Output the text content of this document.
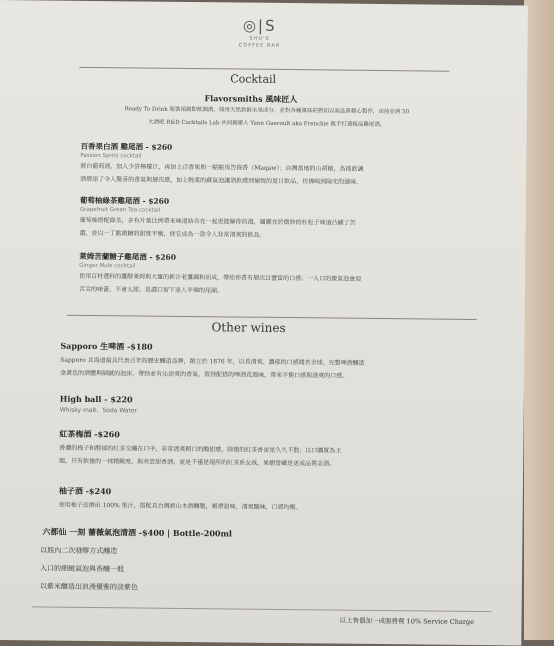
◎|S
SHU'S
COFFEE BAR
Cocktail
Flavorsmiths 風味匠人
Ready To Drink 瓶裝預調即飲調酒，採用天然新鮮水果成分，並對各種風味的熟知以高品質精心製作，由前亞洲 50
大酒吧 R&D Cocktails Lab 共同創辦人 Yann Gueroult aka Frenchie 親手打造精品雞尾酒。
百香果白酒 雞尾酒 - $260
Passion Spritz cocktail
將白葡萄酒，加入少許檸檬汁，再加上百香果與一點點馬告探香（Maqaw）；台灣當地的山胡椒，為搖飲調
酒增添了令人驚喜的香氣與層次感，加上輕柔的蘇氣泡讓酒飲感到愉悅的夏日飲品，彷彿喝到陽光的滋味。
葡萄柚綠茶雞尾酒 - $260
Grapefruit Green Tea cocktail
葡萄柚搭配綠茶，多有片葉比例帶來味道結合在一起更能解你的渴，關鍵在於微妙的杜松子味道凸顯了苦
澀，並以一丁點微糖的甜度平衡，使它成為一款令人非常清爽的飲品。
萊姆苦蘭糖子雞尾酒 - $260
Ginger Mule cocktail
使用百材選料的薑酵萊姆與大量的新汁老薑調和而成，帶給你香有層次且豐富的口感；一入口的微氣泡會迎
舌尖的味蕾，不會太甜，是讀口留下迷人辛辣的尾韻。
Other wines
Sapporo 生啤酒 -$180
Sapporo 北海道最具代表百年的歷史釀造品牌，創立於 1876 年，以長清爽、濃郁的口感聞名全球，完整啤酒釀造
金黃色的酒體與細膩的泡沫，帶勁並有沁涼爽的香氣，值得配搭的啤酒花風味，帶來平衡口感與清爽的口感。
High ball - $220
Whisky malt、Soda Water
紅茶梅酒 -$260
香濃的梅子和醇郁的紅茶交纏在口中，非常清爽順口的酸甜感，除微的紅茶香更是久久不散；以口購買為主
題，只有飲後的一抹精緻度，與夾雲甜香酒，更是不僅是現所的紅茶系女孩，果樹營藏是更成品質美酒。
柚子酒 -$240
使用柚子皮擠出 100% 果汁，搭配具台灣新山木酒釀製，順帶甜味，清爽酸味，口感均衡。
六都仙 一刻 薔薇氣泡清酒 -$400 | Bottle-200ml
以瓶內二次發酵方式釀造
入口的細緻氣泡與香釀一般
以紫米釀造出浪漫優雅的淡紫色
以上售價加一成服務費 10% Service Charge
